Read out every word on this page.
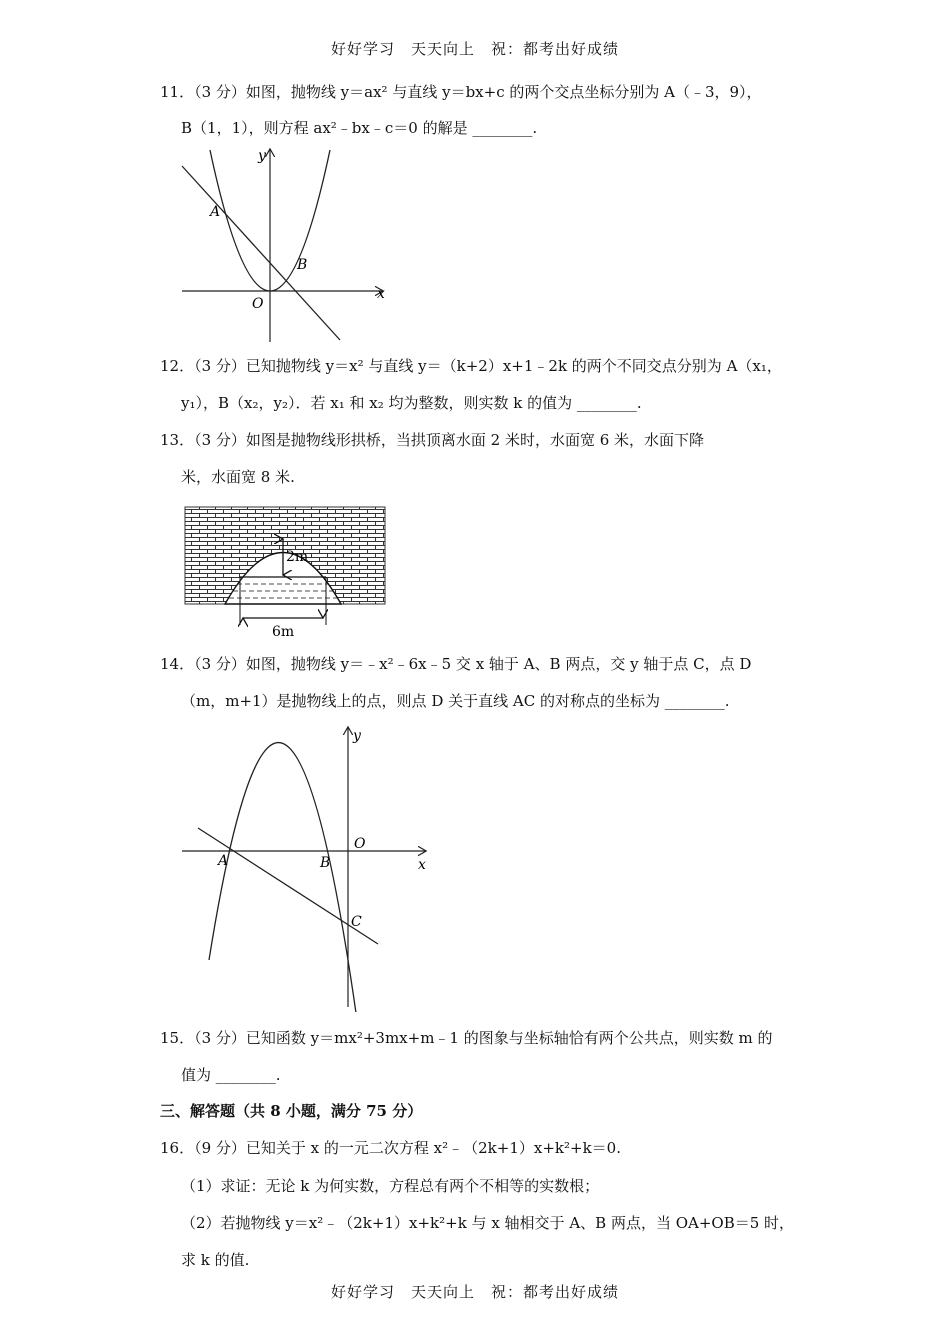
好好学习　天天向上　祝：都考出好成绩
11．（3 分）如图，抛物线 y＝ax² 与直线 y＝bx+c 的两个交点坐标分别为 A（﹣3，9），
B（1，1），则方程 ax²﹣bx﹣c＝0 的解是 ________.
y
x
O
A
B
12．（3 分）已知抛物线 y＝x² 与直线 y＝（k+2）x+1﹣2k 的两个不同交点分别为 A（x₁，
y₁），B（x₂，y₂）．若 x₁ 和 x₂ 均为整数，则实数 k 的值为 ________.
13．（3 分）如图是抛物线形拱桥，当拱顶离水面 2 米时，水面宽 6 米，水面下降
米，水面宽 8 米.
2m
6m
14．（3 分）如图，抛物线 y＝﹣x²﹣6x﹣5 交 x 轴于 A、B 两点，交 y 轴于点 C，点 D
（m，m+1）是抛物线上的点，则点 D 关于直线 AC 的对称点的坐标为 ________.
y
x
O
A	B
C
15．（3 分）已知函数 y＝mx²+3mx+m﹣1 的图象与坐标轴恰有两个公共点，则实数 m 的
值为 ________.
三、解答题（共 8 小题，满分 75 分）
16．（9 分）已知关于 x 的一元二次方程 x²﹣（2k+1）x+k²+k＝0.
（1）求证：无论 k 为何实数，方程总有两个不相等的实数根；
（2）若抛物线 y＝x²﹣（2k+1）x+k²+k 与 x 轴相交于 A、B 两点，当 OA+OB＝5 时，
求 k 的值.
好好学习　天天向上　祝：都考出好成绩
